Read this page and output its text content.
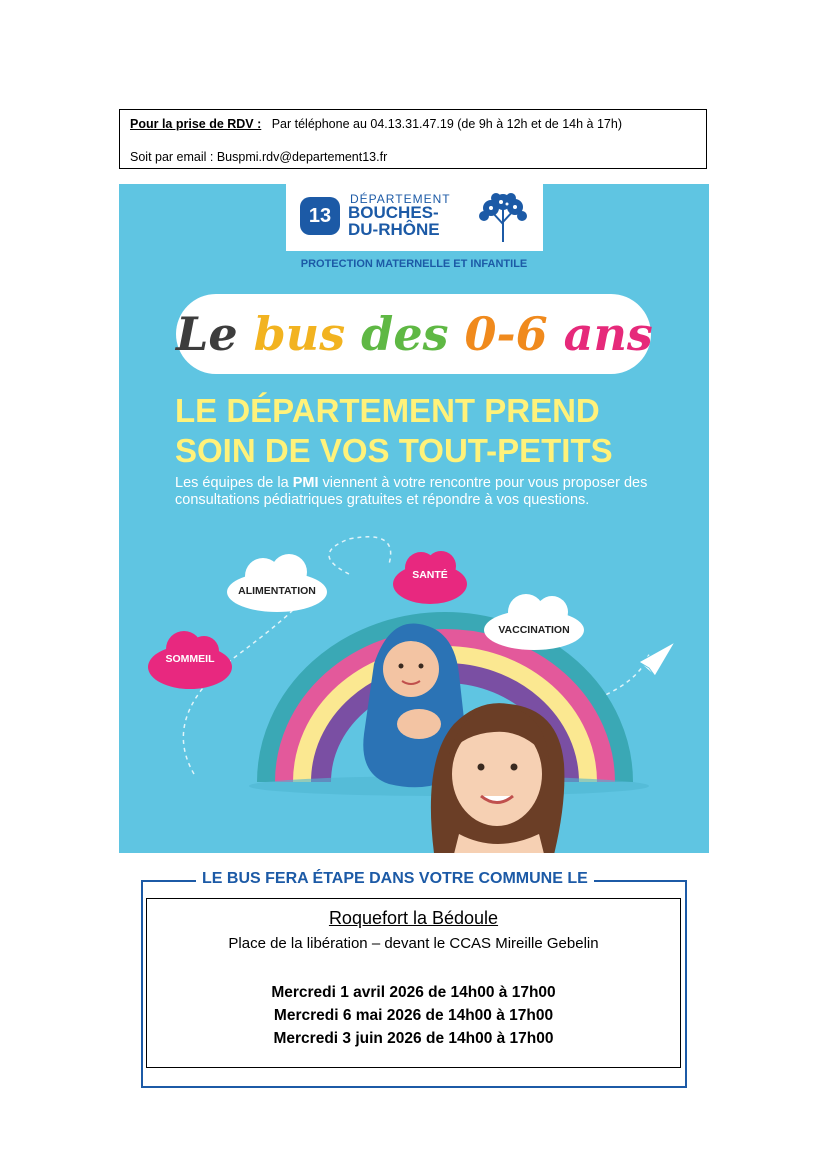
Pour la prise de RDV : Par téléphone au 04.13.31.47.19 (de 9h à 12h et de 14h à 17h)
Soit par email : Buspmi.rdv@departement13.fr
13
DÉPARTEMENT
BOUCHES-
DU-RHÔNE
PROTECTION MATERNELLE ET INFANTILE
Le bus des 0-6 ans
LE DÉPARTEMENT PREND
SOIN DE VOS TOUT-PETITS
Les équipes de la PMI viennent à votre rencontre pour vous proposer des consultations pédiatriques gratuites et répondre à vos questions.
ALIMENTATION
SANTÉ
VACCINATION
SOMMEIL
LE BUS FERA ÉTAPE DANS VOTRE COMMUNE LE
Roquefort la Bédoule
Place de la libération – devant le CCAS Mireille Gebelin
Mercredi 1 avril 2026 de 14h00 à 17h00
Mercredi 6 mai 2026 de 14h00 à 17h00
Mercredi 3 juin 2026 de 14h00 à 17h00
